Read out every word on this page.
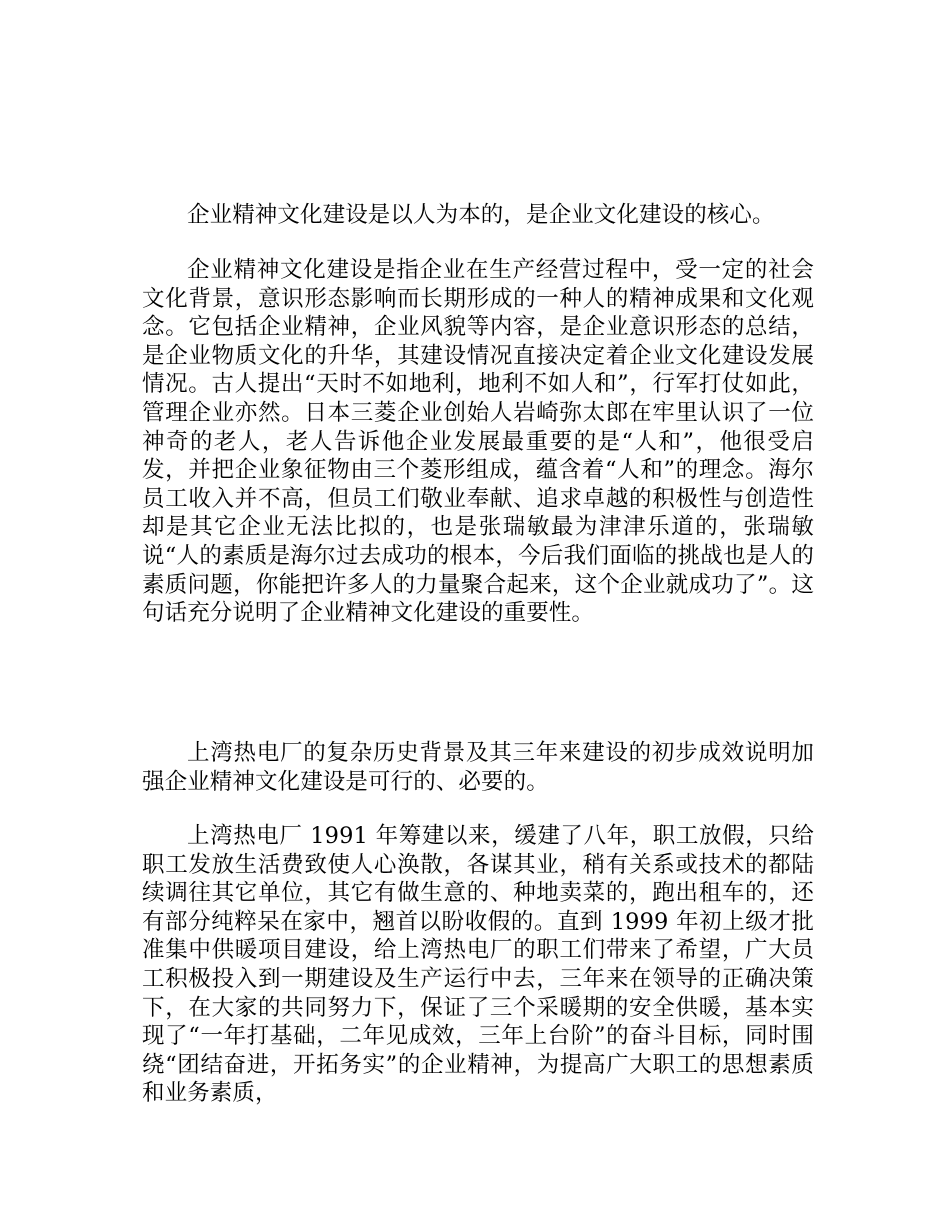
企业精神文化建设是以人为本的，是企业文化建设的核心。

企业精神文化建设是指企业在生产经营过程中，受一定的社会文化背景，意识形态影响而长期形成的一种人的精神成果和文化观念。它包括企业精神，企业风貌等内容，是企业意识形态的总结，是企业物质文化的升华，其建设情况直接决定着企业文化建设发展情况。古人提出“天时不如地利，地利不如人和”，行军打仗如此，管理企业亦然。日本三菱企业创始人岩崎弥太郎在牢里认识了一位神奇的老人，老人告诉他企业发展最重要的是“人和”，他很受启发，并把企业象征物由三个菱形组成，蕴含着“人和”的理念。海尔员工收入并不高，但员工们敬业奉献、追求卓越的积极性与创造性却是其它企业无法比拟的，也是张瑞敏最为津津乐道的，张瑞敏说“人的素质是海尔过去成功的根本，今后我们面临的挑战也是人的素质问题，你能把许多人的力量聚合起来，这个企业就成功了”。这句话充分说明了企业精神文化建设的重要性。

上湾热电厂的复杂历史背景及其三年来建设的初步成效说明加强企业精神文化建设是可行的、必要的。

上湾热电厂 1991 年筹建以来，缓建了八年，职工放假，只给职工发放生活费致使人心涣散，各谋其业，稍有关系或技术的都陆续调往其它单位，其它有做生意的、种地卖菜的，跑出租车的，还有部分纯粹呆在家中，翘首以盼收假的。直到 1999 年初上级才批准集中供暖项目建设，给上湾热电厂的职工们带来了希望，广大员工积极投入到一期建设及生产运行中去，三年来在领导的正确决策下，在大家的共同努力下，保证了三个采暖期的安全供暖，基本实现了“一年打基础，二年见成效，三年上台阶”的奋斗目标，同时围绕“团结奋进，开拓务实”的企业精神，为提高广大职工的思想素质和业务素质，
